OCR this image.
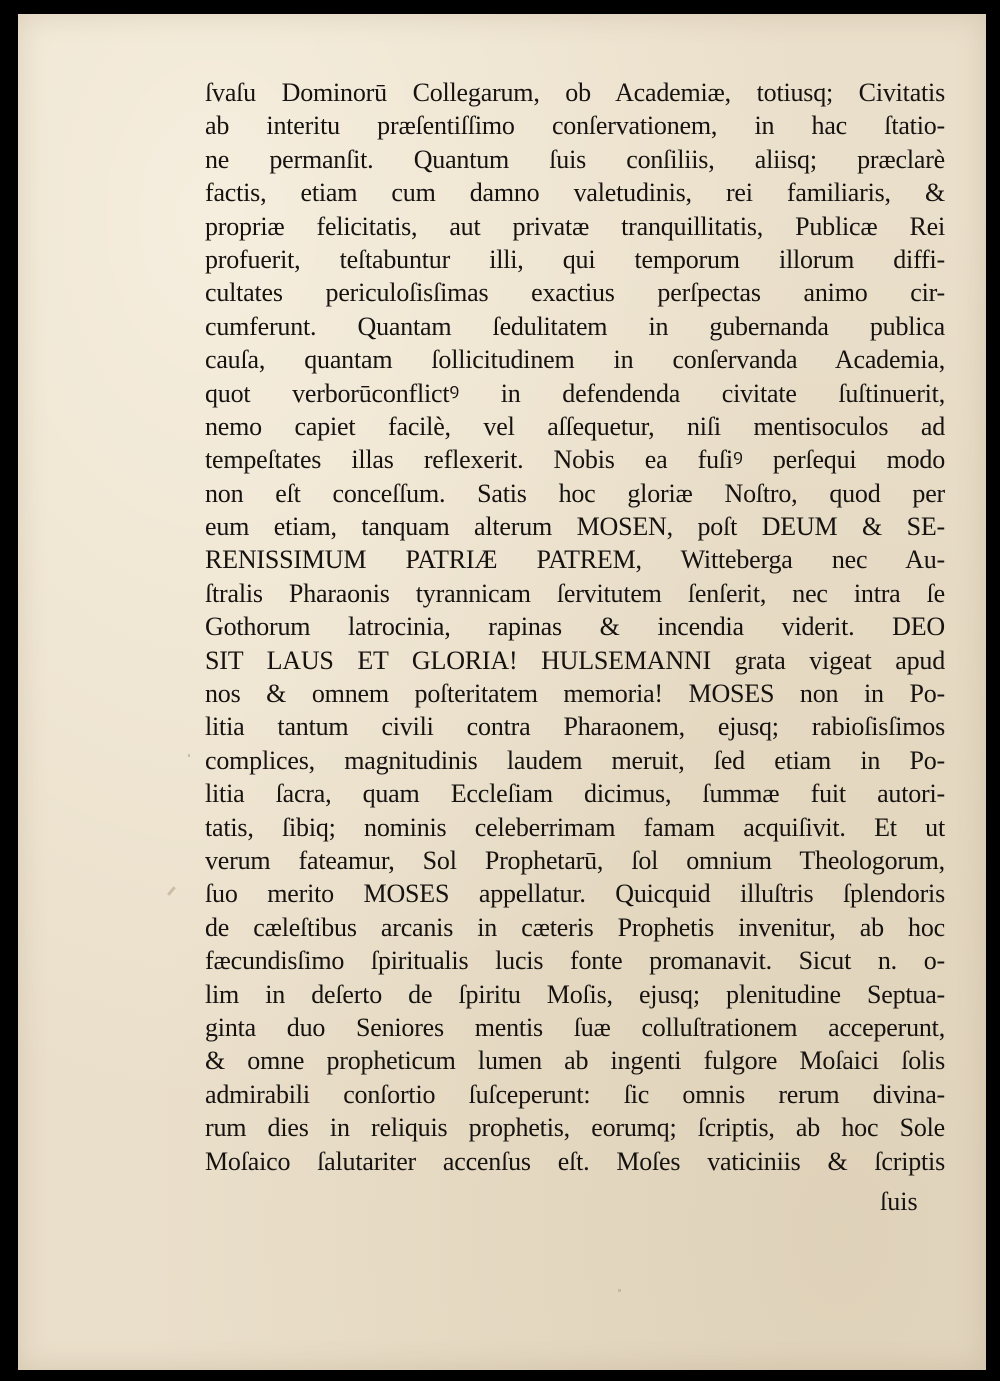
ſvaſu Dominorū Collegarum, ob Academiæ, totiusq; Civitatis
ab interitu præſentiſſimo conſervationem, in hac ſtatio-
ne permanſit. Quantum ſuis conſiliis, aliisq; præclarè
factis, etiam cum damno valetudinis, rei familiaris, &
propriæ felicitatis, aut privatæ tranquillitatis, Publicæ Rei
profuerit, teſtabuntur illi, qui temporum illorum diffi-
cultates periculoſisſimas exactius perſpectas animo cir-
cumferunt. Quantam ſedulitatem in gubernanda publica
cauſa, quantam ſollicitudinem in conſervanda Academia,
quot verborūconflictꝰ in defendenda civitate ſuſtinuerit,
nemo capiet facilè, vel aſſequetur, niſi mentisoculos ad
tempeſtates illas reflexerit. Nobis ea fuſiꝰ perſequi modo
non eſt conceſſum. Satis hoc gloriæ Noſtro, quod per
eum etiam, tanquam alterum MOSEN, poſt DEUM & SE-
RENISSIMUM PATRIÆ PATREM, Witteberga nec Au-
ſtralis Pharaonis tyrannicam ſervitutem ſenſerit, nec intra ſe
Gothorum latrocinia, rapinas & incendia viderit. DEO
SIT LAUS ET GLORIA! HULSEMANNI grata vigeat apud
nos & omnem poſteritatem memoria! MOSES non in Po-
litia tantum civili contra Pharaonem, ejusq; rabioſisſimos
complices, magnitudinis laudem meruit, ſed etiam in Po-
litia ſacra, quam Eccleſiam dicimus, ſummæ fuit autori-
tatis, ſibiq; nominis celeberrimam famam acquiſivit. Et ut
verum fateamur, Sol Prophetarū, ſol omnium Theologorum,
ſuo merito MOSES appellatur. Quicquid illuſtris ſplendoris
de cæleſtibus arcanis in cæteris Prophetis invenitur, ab hoc
fæcundisſimo ſpiritualis lucis fonte promanavit. Sicut n. o-
lim in deſerto de ſpiritu Moſis, ejusq; plenitudine Septua-
ginta duo Seniores mentis ſuæ colluſtrationem acceperunt,
& omne propheticum lumen ab ingenti fulgore Moſaici ſolis
admirabili conſortio ſuſceperunt: ſic omnis rerum divina-
rum dies in reliquis prophetis, eorumq; ſcriptis, ab hoc Sole
Moſaico ſalutariter accenſus eſt. Moſes vaticiniis & ſcriptis
ſuis
